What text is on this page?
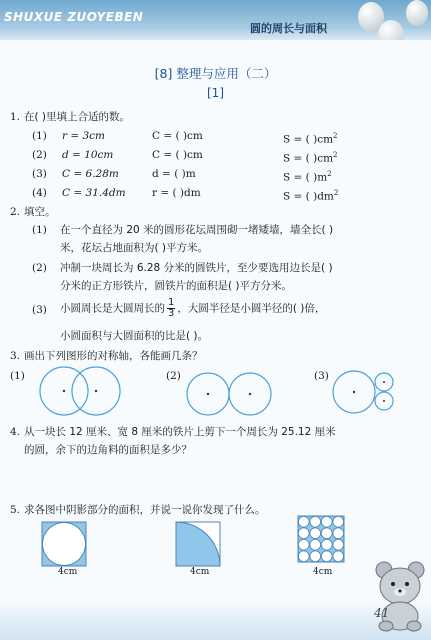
SHUXUE ZUOYEBEN
圆的周长与面积
[8] 整理与应用（二）
[1]
1. 在( )里填上合适的数。
(1) r = 3cm	C = ( )cm	S = ( )$cm^2$
(2) d = 10cm	C = ( )cm	S = ( )$cm^2$
(3) C = 6.28m	d = ( )m	S = ( )$m^2$
(4) C = 31.4dm	r = ( )dm	S = ( )$dm^2$
2. 填空。
(1) 在一个直径为 20 米的圆形花坛周围砌一堵矮墙，墙全长( )
米，花坛占地面积为( )平方米。
(2) 冲制一块周长为 6.28 分米的圆铁片，至少要选用边长是( )
分米的正方形铁片，圆铁片的面积是( )平方分米。
(3) 小圆周长是大圆周长的 $\frac{1}{3}$ ，大圆半径是小圆半径的( )倍，
小圆面积与大圆面积的比是( )。
3. 画出下列图形的对称轴，各能画几条？
(1)	(2)	(3)
4. 从一块长 12 厘米、宽 8 厘米的铁片上剪下一个周长为 25.12 厘米
的圆，余下的边角料的面积是多少？
5. 求各图中阴影部分的面积，并说一说你发现了什么。
4cm	4cm	4cm
41
